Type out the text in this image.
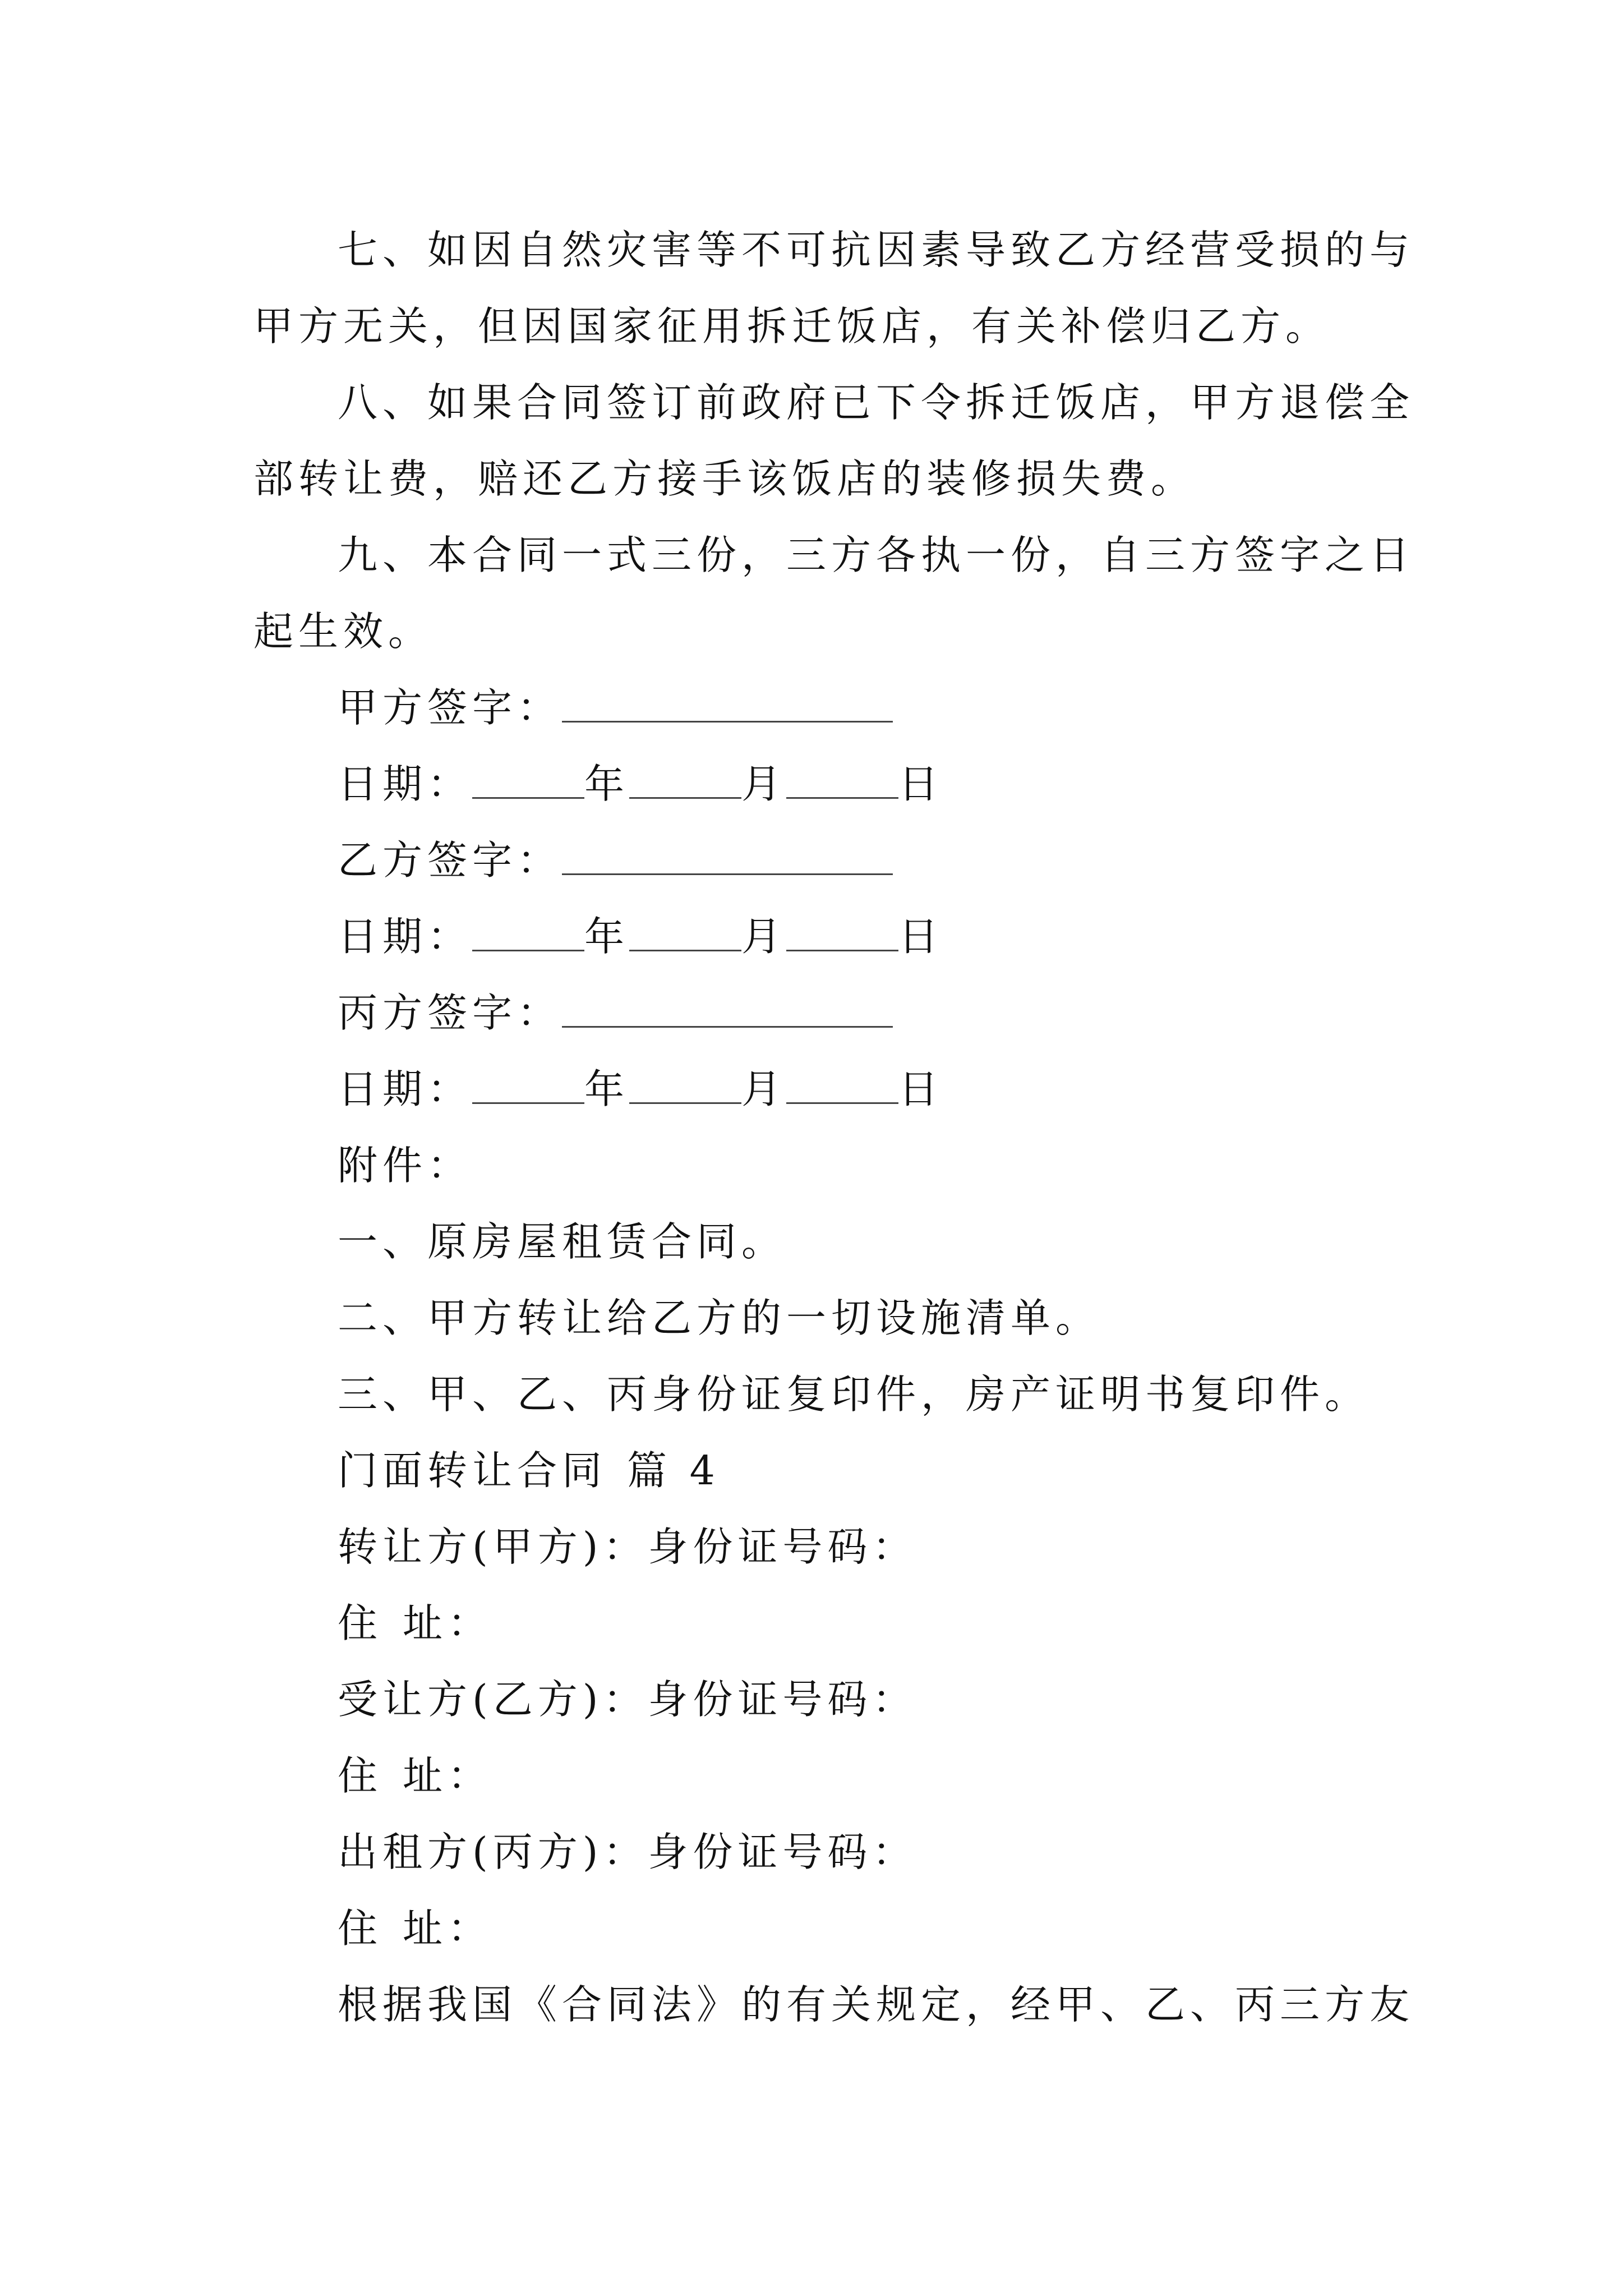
七、如因自然灾害等不可抗因素导致乙方经营受损的与
甲方无关，但因国家征用拆迁饭店，有关补偿归乙方。
八、如果合同签订前政府已下令拆迁饭店，甲方退偿全
部转让费，赔还乙方接手该饭店的装修损失费。
九、本合同一式三份，三方各执一份，自三方签字之日
起生效。
甲方签字：
日期：	年	月	日
乙方签字：
日期：	年	月	日
丙方签字：
日期：	年	月	日
附件：
一、原房屋租赁合同。
二、甲方转让给乙方的一切设施清单。
三、甲、乙、丙身份证复印件，房产证明书复印件。
门面转让合同 篇 4
转让方(甲方)：身份证号码：
住 址：
受让方(乙方)：身份证号码：
住 址：
出租方(丙方)：身份证号码：
住 址：
根据我国《合同法》的有关规定，经甲、乙、丙三方友
